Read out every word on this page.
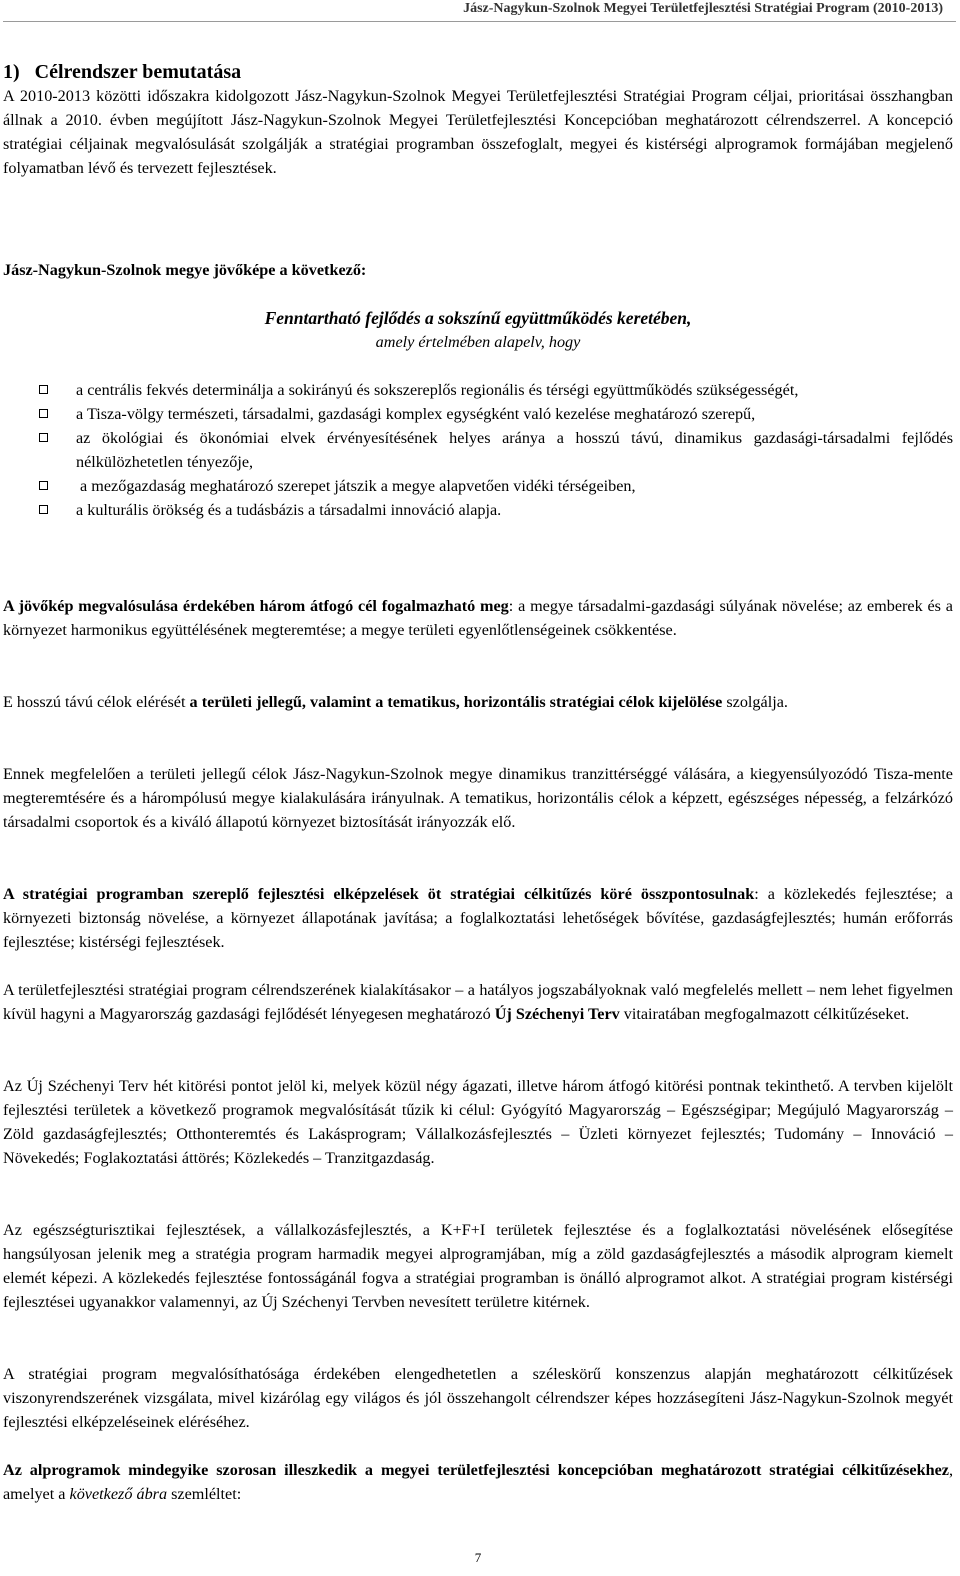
Jász-Nagykun-Szolnok Megyei Területfejlesztési Stratégiai Program (2010-2013)
1)   Célrendszer bemutatása

A 2010-2013 közötti időszakra kidolgozott Jász-Nagykun-Szolnok Megyei Területfejlesztési Stratégiai Program céljai, prioritásai összhangban állnak a 2010. évben megújított Jász-Nagykun-Szolnok Megyei Területfejlesztési Koncepcióban meghatározott célrendszerrel. A koncepció stratégiai céljainak megvalósulását szolgálják a stratégiai programban összefoglalt, megyei és kistérségi alprogramok formájában megjelenő folyamatban lévő és tervezett fejlesztések.

Jász-Nagykun-Szolnok megye jövőképe a következő:
Fenntartható fejlődés a sokszínű együttműködés keretében,
amely értelmében alapelv, hogy
a centrális fekvés determinálja a sokirányú és sokszereplős regionális és térségi együttműködés szükségességét,
a Tisza-völgy természeti, társadalmi, gazdasági komplex egységként való kezelése meghatározó szerepű,
az ökológiai és ökonómiai elvek érvényesítésének helyes aránya a hosszú távú, dinamikus gazdasági-társadalmi fejlődés nélkülözhetetlen tényezője,
a mezőgazdaság meghatározó szerepet játszik a megye alapvetően vidéki térségeiben,
a kulturális örökség és a tudásbázis a társadalmi innováció alapja.

A jövőkép megvalósulása érdekében három átfogó cél fogalmazható meg: a megye társadalmi-gazdasági súlyának növelése; az emberek és a környezet harmonikus együttélésének megteremtése; a megye területi egyenlőtlenségeinek csökkentése.

E hosszú távú célok elérését a területi jellegű, valamint a tematikus, horizontális stratégiai célok kijelölése szolgálja.

Ennek megfelelően a területi jellegű célok Jász-Nagykun-Szolnok megye dinamikus tranzittérséggé válására, a kiegyensúlyozódó Tisza-mente megteremtésére és a hárompólusú megye kialakulására irányulnak. A tematikus, horizontális célok a képzett, egészséges népesség, a felzárkózó társadalmi csoportok és a kiváló állapotú környezet biztosítását irányozzák elő.

A stratégiai programban szereplő fejlesztési elképzelések öt stratégiai célkitűzés köré összpontosulnak: a közlekedés fejlesztése; a környezeti biztonság növelése, a környezet állapotának javítása; a foglalkoztatási lehetőségek bővítése, gazdaságfejlesztés; humán erőforrás fejlesztése; kistérségi fejlesztések.

A területfejlesztési stratégiai program célrendszerének kialakításakor – a hatályos jogszabályoknak való megfelelés mellett – nem lehet figyelmen kívül hagyni a Magyarország gazdasági fejlődését lényegesen meghatározó Új Széchenyi Terv vitairatában megfogalmazott célkitűzéseket.

Az Új Széchenyi Terv hét kitörési pontot jelöl ki, melyek közül négy ágazati, illetve három átfogó kitörési pontnak tekinthető. A tervben kijelölt fejlesztési területek a következő programok megvalósítását tűzik ki célul: Gyógyító Magyarország – Egészségipar; Megújuló Magyarország – Zöld gazdaságfejlesztés; Otthonteremtés és Lakásprogram; Vállalkozásfejlesztés – Üzleti környezet fejlesztés; Tudomány – Innováció – Növekedés; Foglakoztatási áttörés; Közlekedés – Tranzitgazdaság.

Az egészségturisztikai fejlesztések, a vállalkozásfejlesztés, a K+F+I területek fejlesztése és a foglalkoztatási növelésének elősegítése hangsúlyosan jelenik meg a stratégia program harmadik megyei alprogramjában, míg a zöld gazdaságfejlesztés a második alprogram kiemelt elemét képezi. A közlekedés fejlesztése fontosságánál fogva a stratégiai programban is önálló alprogramot alkot. A stratégiai program kistérségi fejlesztései ugyanakkor valamennyi, az Új Széchenyi Tervben nevesített területre kitérnek.

A stratégiai program megvalósíthatósága érdekében elengedhetetlen a széleskörű konszenzus alapján meghatározott célkitűzések viszonyrendszerének vizsgálata, mivel kizárólag egy világos és jól összehangolt célrendszer képes hozzásegíteni Jász-Nagykun-Szolnok megyét fejlesztési elképzeléseinek eléréséhez.

Az alprogramok mindegyike szorosan illeszkedik a megyei területfejlesztési koncepcióban meghatározott stratégiai célkitűzésekhez, amelyet a következő ábra szemléltet:

7
